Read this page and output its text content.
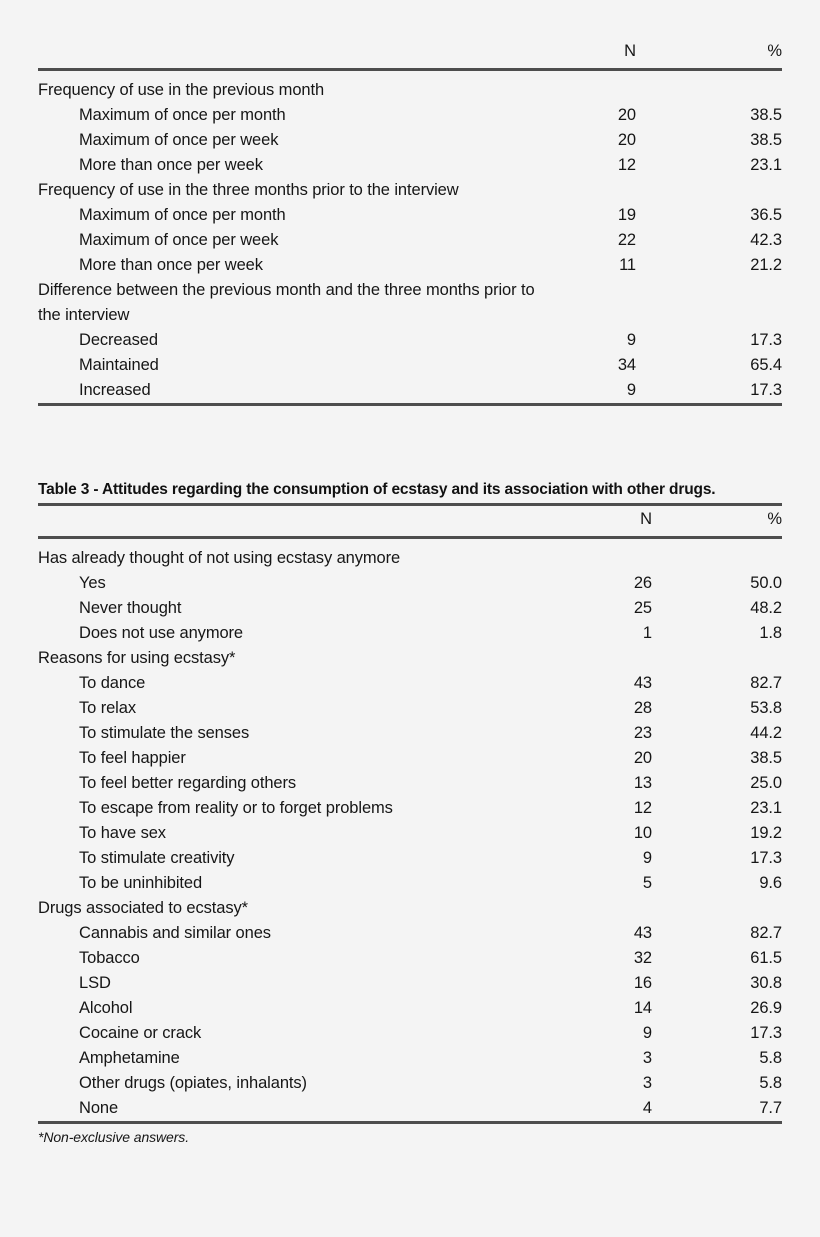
N	%
Frequency of use in the previous month
Maximum of once per month	20	38.5
Maximum of once per week	20	38.5
More than once per week	12	23.1
Frequency of use in the three months prior to the interview
Maximum of once per month	19	36.5
Maximum of once per week	22	42.3
More than once per week	11	21.2
Difference between the previous month and the three months prior to the interview
Decreased	9	17.3
Maintained	34	65.4
Increased	9	17.3
Table 3 - Attitudes regarding the consumption of ecstasy and its association with other drugs.
N	%
Has already thought of not using ecstasy anymore
Yes	26	50.0
Never thought	25	48.2
Does not use anymore	1	1.8
Reasons for using ecstasy*
To dance	43	82.7
To relax	28	53.8
To stimulate the senses	23	44.2
To feel happier	20	38.5
To feel better regarding others	13	25.0
To escape from reality or to forget problems	12	23.1
To have sex	10	19.2
To stimulate creativity	9	17.3
To be uninhibited	5	9.6
Drugs associated to ecstasy*
Cannabis and similar ones	43	82.7
Tobacco	32	61.5
LSD	16	30.8
Alcohol	14	26.9
Cocaine or crack	9	17.3
Amphetamine	3	5.8
Other drugs (opiates, inhalants)	3	5.8
None	4	7.7
*Non-exclusive answers.
